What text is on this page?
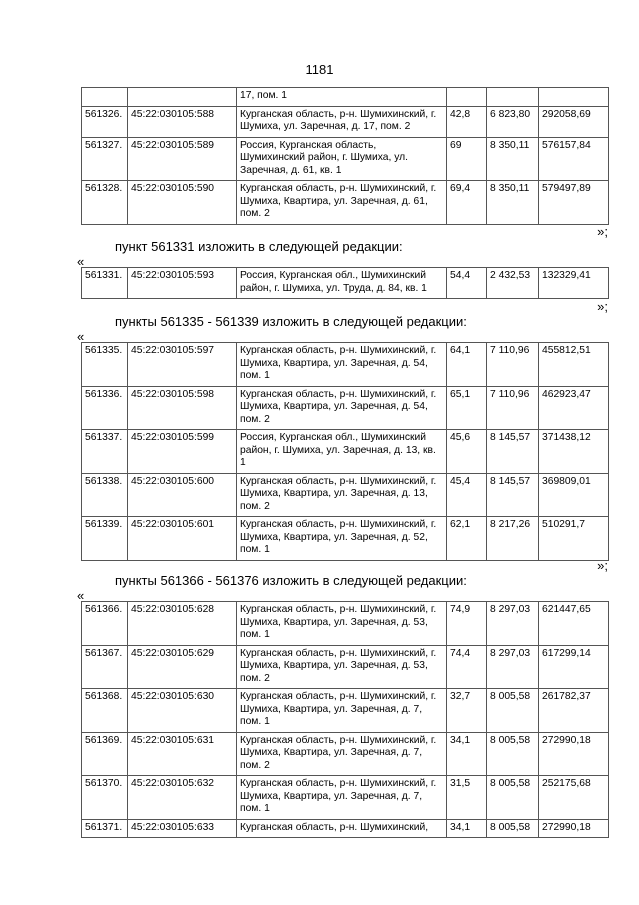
1181
		17, пом. 1			
561326.	45:22:030105:588	Курганская область, р-н. Шумихинский, г. Шумиха, ул. Заречная, д. 17, пом. 2	42,8	6 823,80	292058,69
561327.	45:22:030105:589	Россия, Курганская область, Шумихинский район, г. Шумиха, ул. Заречная, д. 61, кв. 1	69	8 350,11	576157,84
561328.	45:22:030105:590	Курганская область, р-н. Шумихинский, г. Шумиха, Квартира, ул. Заречная, д. 61, пом. 2	69,4	8 350,11	579497,89
»;
пункт 561331 изложить в следующей редакции:
«
561331.	45:22:030105:593	Россия, Курганская обл., Шумихинский район, г. Шумиха, ул. Труда, д. 84, кв. 1	54,4	2 432,53	132329,41
»;
пункты 561335 - 561339 изложить в следующей редакции:
«
561335.	45:22:030105:597	Курганская область, р-н. Шумихинский, г. Шумиха, Квартира, ул. Заречная, д. 54, пом. 1	64,1	7 110,96	455812,51
561336.	45:22:030105:598	Курганская область, р-н. Шумихинский, г. Шумиха, Квартира, ул. Заречная, д. 54, пом. 2	65,1	7 110,96	462923,47
561337.	45:22:030105:599	Россия, Курганская обл., Шумихинский район, г. Шумиха, ул. Заречная, д. 13, кв. 1	45,6	8 145,57	371438,12
561338.	45:22:030105:600	Курганская область, р-н. Шумихинский, г. Шумиха, Квартира, ул. Заречная, д. 13, пом. 2	45,4	8 145,57	369809,01
561339.	45:22:030105:601	Курганская область, р-н. Шумихинский, г. Шумиха, Квартира, ул. Заречная, д. 52, пом. 1	62,1	8 217,26	510291,7
»;
пункты 561366 - 561376 изложить в следующей редакции:
«
561366.	45:22:030105:628	Курганская область, р-н. Шумихинский, г. Шумиха, Квартира, ул. Заречная, д. 53, пом. 1	74,9	8 297,03	621447,65
561367.	45:22:030105:629	Курганская область, р-н. Шумихинский, г. Шумиха, Квартира, ул. Заречная, д. 53, пом. 2	74,4	8 297,03	617299,14
561368.	45:22:030105:630	Курганская область, р-н. Шумихинский, г. Шумиха, Квартира, ул. Заречная, д. 7, пом. 1	32,7	8 005,58	261782,37
561369.	45:22:030105:631	Курганская область, р-н. Шумихинский, г. Шумиха, Квартира, ул. Заречная, д. 7, пом. 2	34,1	8 005,58	272990,18
561370.	45:22:030105:632	Курганская область, р-н. Шумихинский, г. Шумиха, Квартира, ул. Заречная, д. 7, пом. 1	31,5	8 005,58	252175,68
561371.	45:22:030105:633	Курганская область, р-н. Шумихинский,	34,1	8 005,58	272990,18
